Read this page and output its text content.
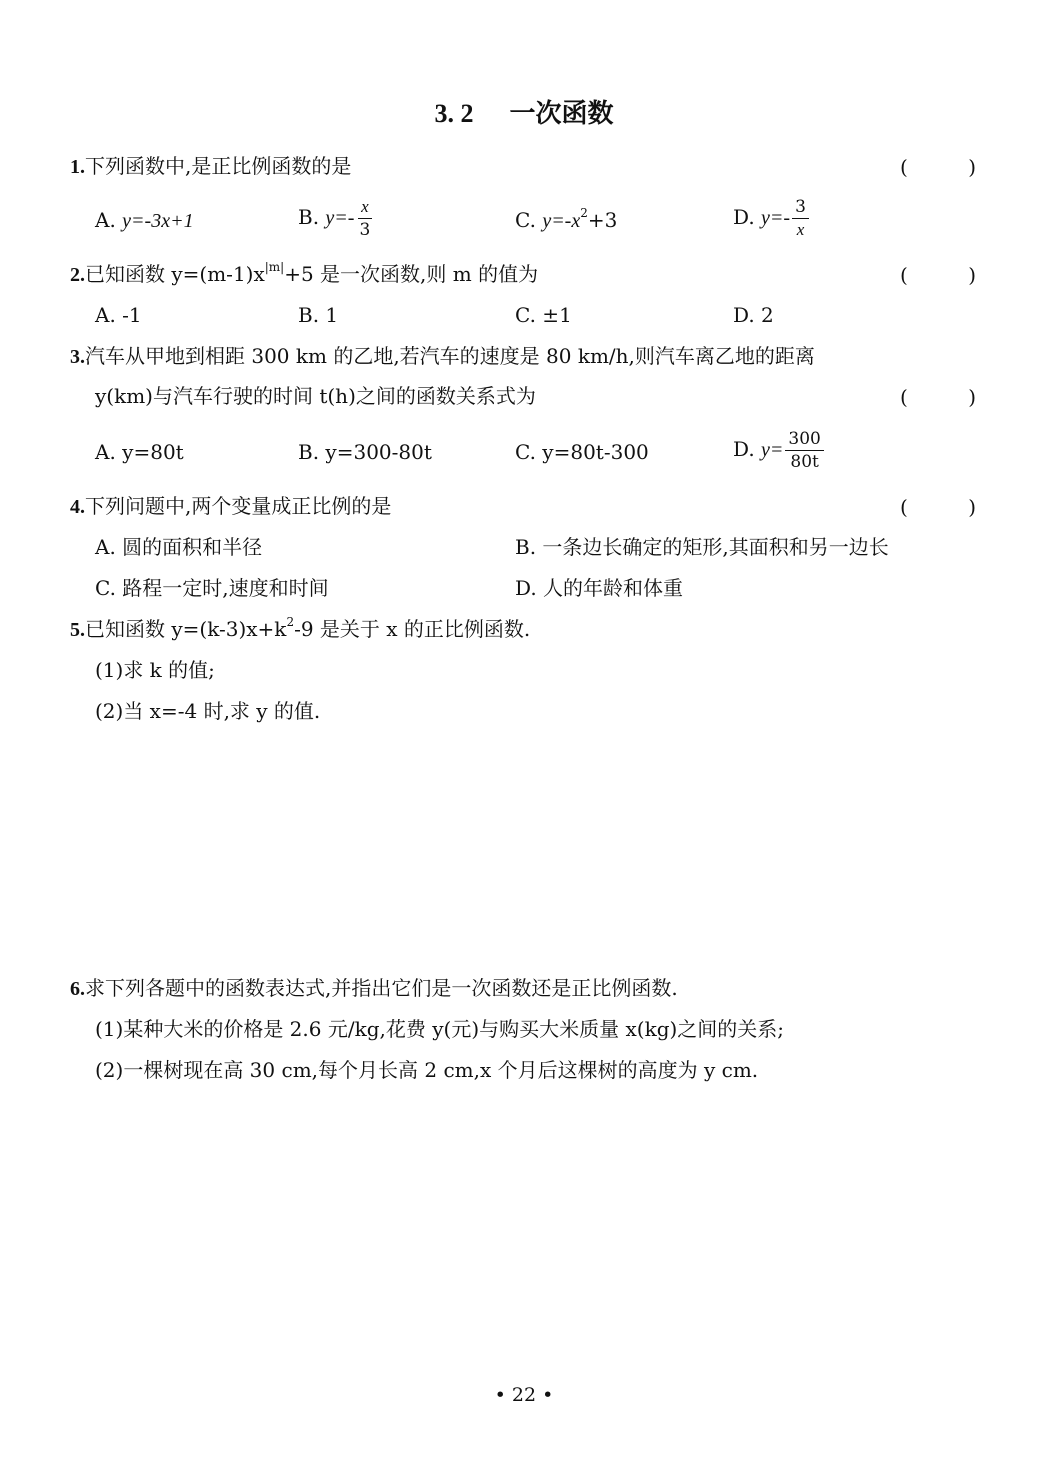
3. 2 一次函数
1.下列函数中,是正比例函数的是	(	)
A. y=-3x+1	B. $y=- \frac{x}{3}$	C. $y=-x^2+3$	D. $y=- \frac{3}{x}$
2.已知函数 $y=(m-1)x^{|m|}+5$ 是一次函数,则 m 的值为	(	)
A. -1	B. 1	C. ±1	D. 2
3.汽车从甲地到相距 300 km 的乙地,若汽车的速度是 80 km/h,则汽车离乙地的距离
y(km)与汽车行驶的时间 t(h)之间的函数关系式为	(	)
A. y=80t	B. y=300-80t	C. y=80t-300	D. $y= \frac{300}{80t}$
4.下列问题中,两个变量成正比例的是	(	)
A. 圆的面积和半径	B. 一条边长确定的矩形,其面积和另一边长
C. 路程一定时,速度和时间	D. 人的年龄和体重
5.已知函数 $y=(k-3)x+k^2-9$ 是关于 x 的正比例函数.
(1)求 k 的值;
(2)当 x=-4 时,求 y 的值.
6.求下列各题中的函数表达式,并指出它们是一次函数还是正比例函数.
(1)某种大米的价格是 2.6 元/kg,花费 y(元)与购买大米质量 x(kg)之间的关系;
(2)一棵树现在高 30 cm,每个月长高 2 cm,x 个月后这棵树的高度为 y cm.
• 22 •
